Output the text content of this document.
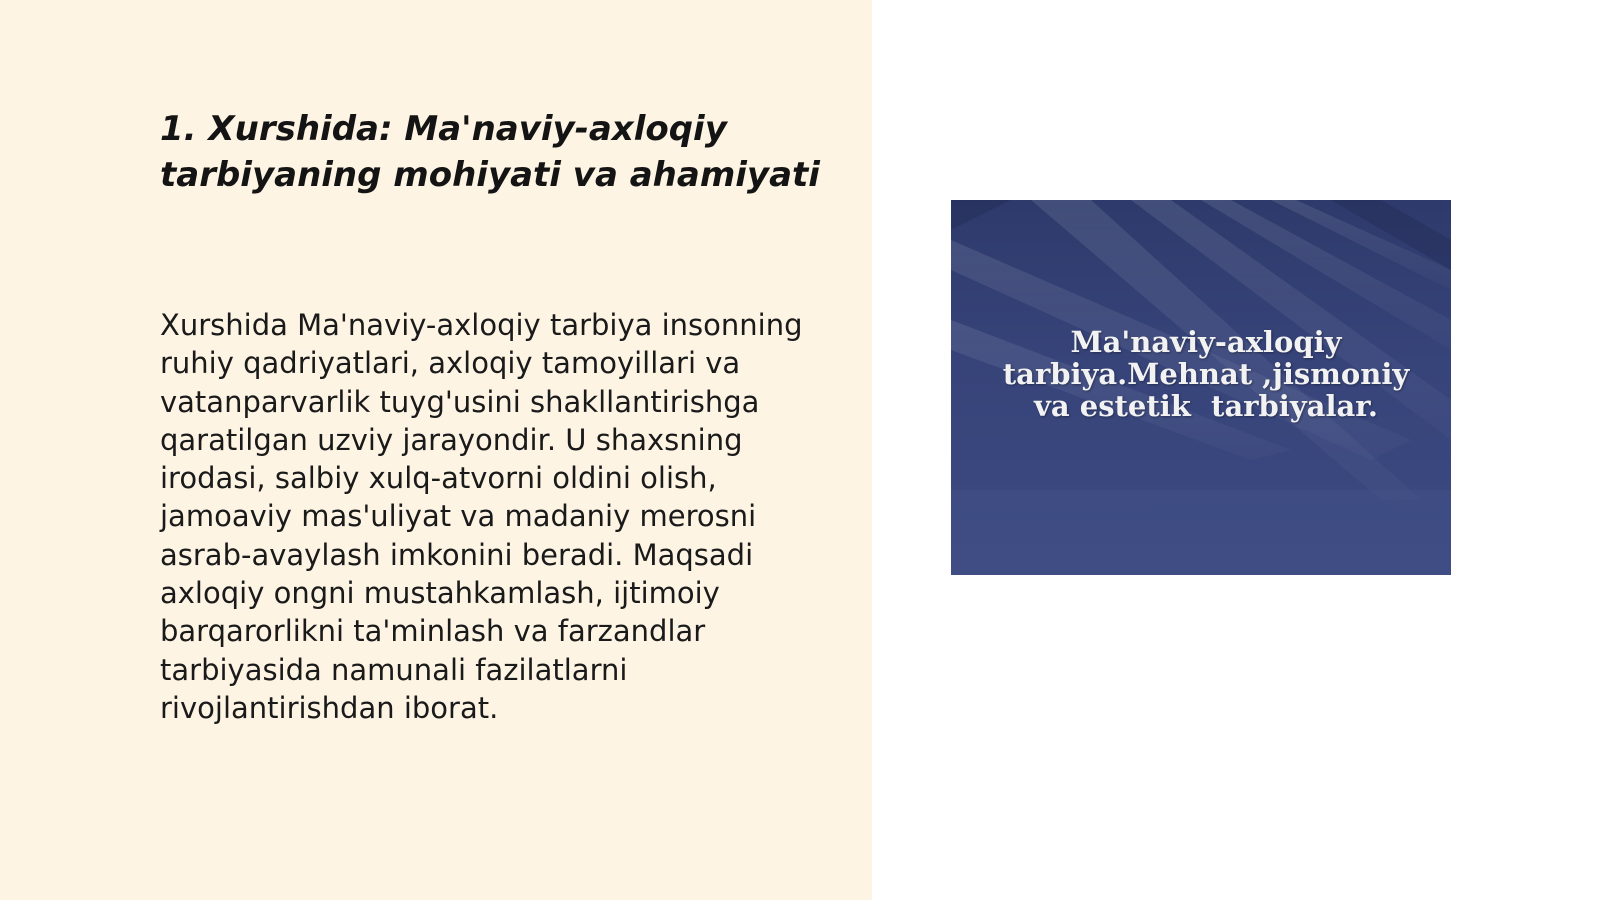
1. Xurshida: Ma'naviy-axloqiy tarbiyaning mohiyati va ahamiyati

Xurshida Ma'naviy-axloqiy tarbiya insonning ruhiy qadriyatlari, axloqiy tamoyillari va vatanparvarlik tuyg'usini shakllantirishga qaratilgan uzviy jarayondir. U shaxsning irodasi, salbiy xulq-atvorni oldini olish, jamoaviy mas'uliyat va madaniy merosni asrab-avaylash imkonini beradi. Maqsadi axloqiy ongni mustahkamlash, ijtimoiy barqarorlikni ta'minlash va farzandlar tarbiyasida namunali fazilatlarni rivojlantirishdan iborat.

Ma'naviy-axloqiy tarbiya.Mehnat ,jismoniy va estetik  tarbiyalar.
